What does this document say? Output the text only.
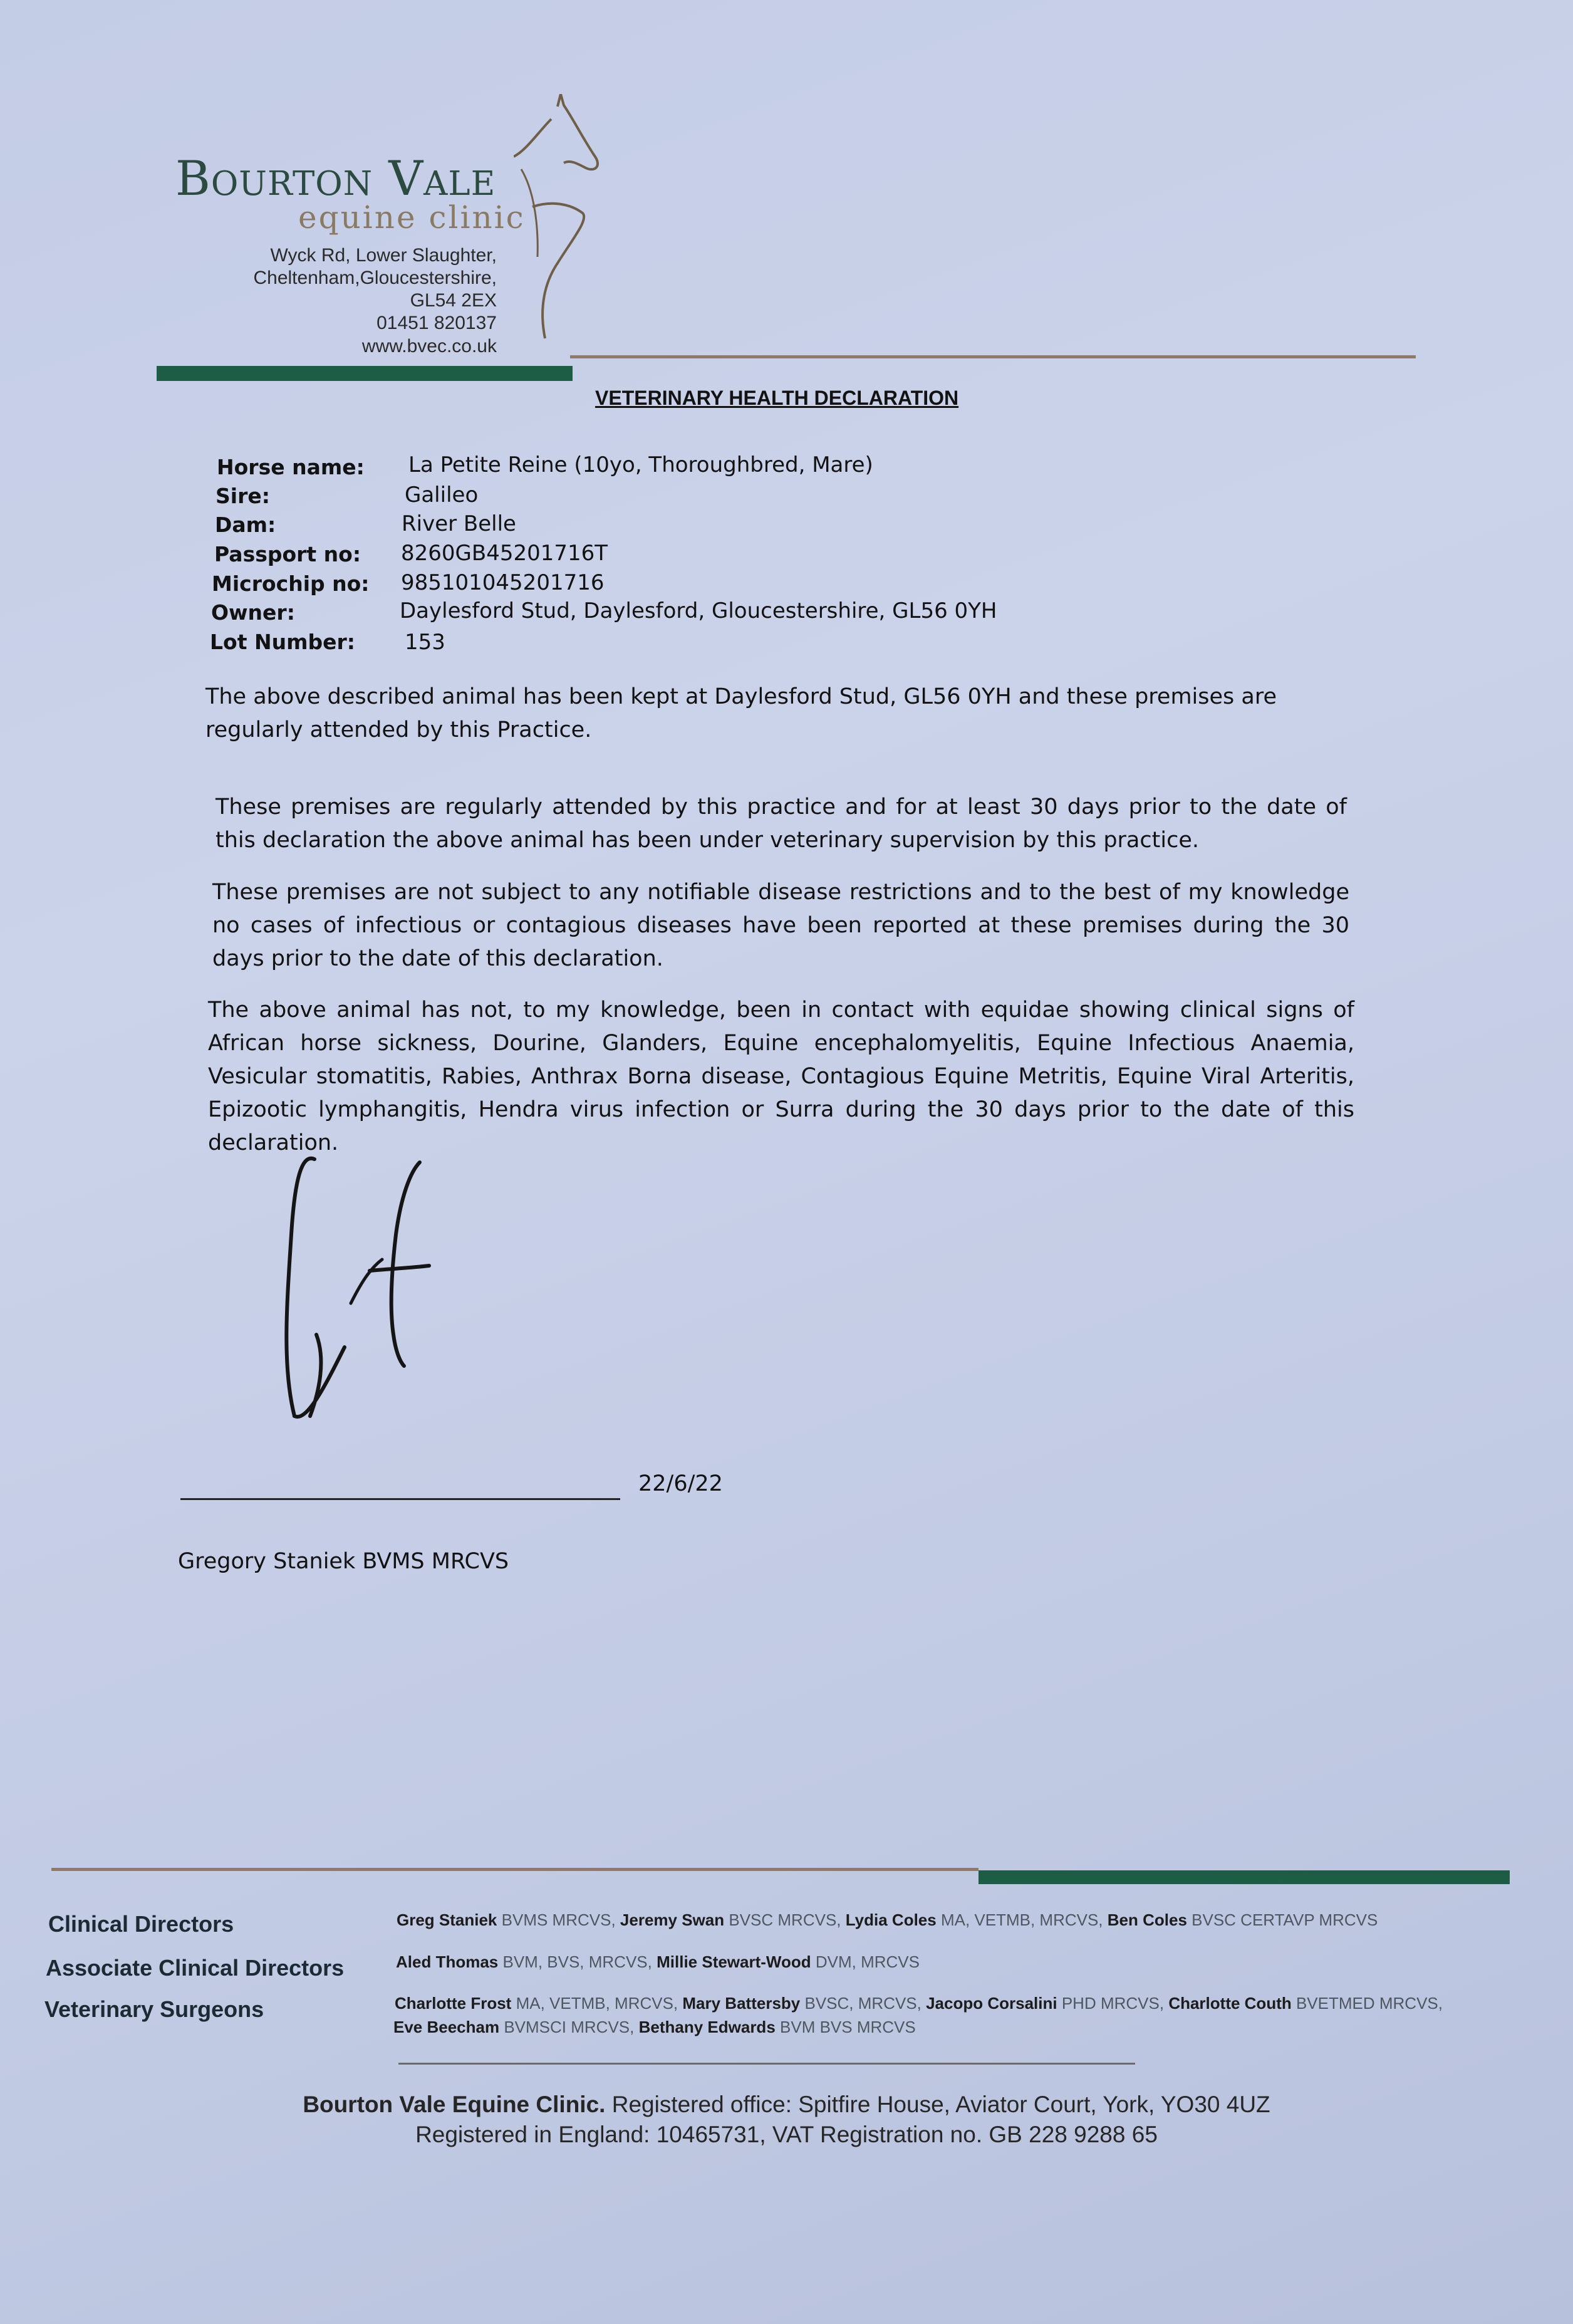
Bourton Vale
equine clinic
Wyck Rd, Lower Slaughter,
Cheltenham,Gloucestershire,
GL54 2EX
01451 820137
www.bvec.co.uk
VETERINARY HEALTH DECLARATION
Horse name: La Petite Reine (10yo, Thoroughbred, Mare)
Sire:	Galileo
Dam:	River Belle
Passport no: 8260GB45201716T
Microchip no: 985101045201716
Owner:	Daylesford Stud, Daylesford, Gloucestershire, GL56 0YH
Lot Number: 153
The above described animal has been kept at Daylesford Stud, GL56 0YH and these premises are regularly attended by this Practice.
These premises are regularly attended by this practice and for at least 30 days prior to the date of this declaration the above animal has been under veterinary supervision by this practice.
These premises are not subject to any notifiable disease restrictions and to the best of my knowledge no cases of infectious or contagious diseases have been reported at these premises during the 30 days prior to the date of this declaration.
The above animal has not, to my knowledge, been in contact with equidae showing clinical signs of African horse sickness, Dourine, Glanders, Equine encephalomyelitis, Equine Infectious Anaemia, Vesicular stomatitis, Rabies, Anthrax Borna disease, Contagious Equine Metritis, Equine Viral Arteritis, Epizootic lymphangitis, Hendra virus infection or Surra during the 30 days prior to the date of this declaration.
22/6/22
Gregory Staniek BVMS MRCVS
Clinical Directors	Greg Staniek BVMS MRCVS, Jeremy Swan BVSC MRCVS, Lydia Coles MA, VETMB, MRCVS, Ben Coles BVSC CERTAVP MRCVS
Associate Clinical Directors	Aled Thomas BVM, BVS, MRCVS, Millie Stewart-Wood DVM, MRCVS
Veterinary Surgeons	Charlotte Frost MA, VETMB, MRCVS, Mary Battersby BVSC, MRCVS, Jacopo Corsalini PHD MRCVS, Charlotte Couth BVETMED MRCVS,
Eve Beecham BVMSCI MRCVS, Bethany Edwards BVM BVS MRCVS
Bourton Vale Equine Clinic. Registered office: Spitfire House, Aviator Court, York, YO30 4UZ
Registered in England: 10465731, VAT Registration no. GB 228 9288 65
